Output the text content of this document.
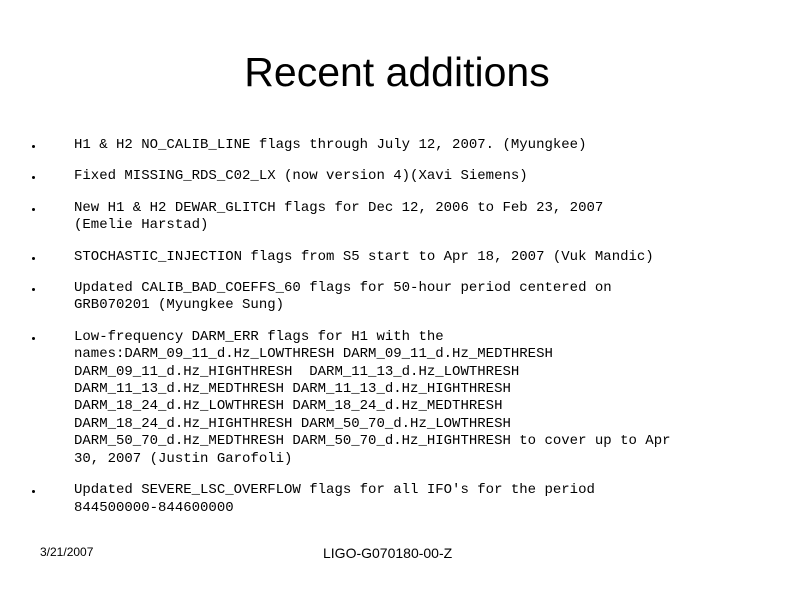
Recent additions
H1 & H2 NO_CALIB_LINE flags through July 12, 2007. (Myungkee)
Fixed MISSING_RDS_C02_LX (now version 4)(Xavi Siemens)
New H1 & H2 DEWAR_GLITCH flags for Dec 12, 2006 to Feb 23, 2007
(Emelie Harstad)
STOCHASTIC_INJECTION flags from S5 start to Apr 18, 2007 (Vuk Mandic)
Updated CALIB_BAD_COEFFS_60 flags for 50-hour period centered on
GRB070201 (Myungkee Sung)
Low-frequency DARM_ERR flags for H1 with the
names:DARM_09_11_d.Hz_LOWTHRESH DARM_09_11_d.Hz_MEDTHRESH
DARM_09_11_d.Hz_HIGHTHRESH  DARM_11_13_d.Hz_LOWTHRESH
DARM_11_13_d.Hz_MEDTHRESH DARM_11_13_d.Hz_HIGHTHRESH
DARM_18_24_d.Hz_LOWTHRESH DARM_18_24_d.Hz_MEDTHRESH
DARM_18_24_d.Hz_HIGHTHRESH DARM_50_70_d.Hz_LOWTHRESH
DARM_50_70_d.Hz_MEDTHRESH DARM_50_70_d.Hz_HIGHTHRESH to cover up to Apr
30, 2007 (Justin Garofoli)
Updated SEVERE_LSC_OVERFLOW flags for all IFO's for the period
844500000-844600000
3/21/2007	LIGO-G070180-00-Z
